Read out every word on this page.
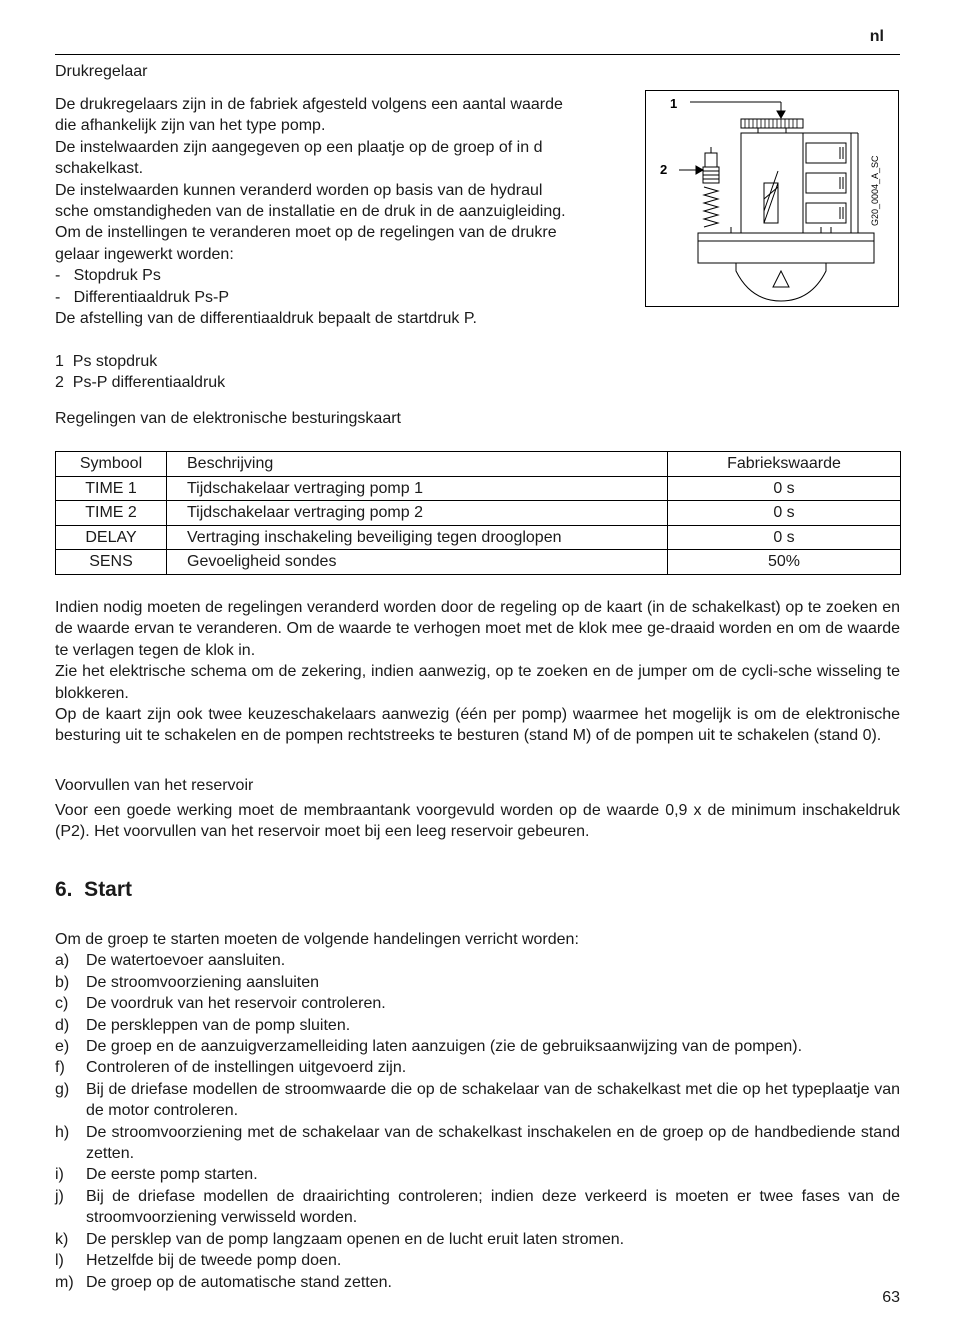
nl
Drukregelaar
De drukregelaars zijn in de fabriek afgesteld volgens een aantal waarde
die afhankelijk zijn van het type pomp.
De instelwaarden zijn aangegeven op een plaatje op de groep of in d
schakelkast.
De instelwaarden kunnen veranderd worden op basis van de hydraul
sche omstandigheden van de installatie en de druk in de aanzuigleiding.
Om de instellingen te veranderen moet op de regelingen van de drukre
gelaar ingewerkt worden:
-   Stopdruk Ps
-   Differentiaaldruk Ps-P
De afstelling van de differentiaaldruk bepaalt de startdruk P.
1  Ps stopdruk
2  Ps-P differentiaaldruk
1
2	G20_0004_A_SC
Regelingen van de elektronische besturingskaart
Symbool	Beschrijving	Fabriekswaarde
TIME 1	Tijdschakelaar vertraging pomp 1	0 s
TIME 2	Tijdschakelaar vertraging pomp 2	0 s
DELAY	Vertraging inschakeling beveiliging tegen drooglopen	0 s
SENS	Gevoeligheid sondes	50%
Indien nodig moeten de regelingen veranderd worden door de regeling op de kaart (in de schakelkast) op te zoeken en de waarde ervan te veranderen. Om de waarde te verhogen moet met de klok mee ge-draaid worden en om de waarde te verlagen tegen de klok in.
Zie het elektrische schema om de zekering, indien aanwezig, op te zoeken en de jumper om de cycli-sche wisseling te blokkeren.
Op de kaart zijn ook twee keuzeschakelaars aanwezig (één per pomp) waarmee het mogelijk is om de elektronische besturing uit te schakelen en de pompen rechtstreeks te besturen (stand M) of de pompen uit te schakelen (stand 0).
Voorvullen van het reservoir
Voor een goede werking moet de membraantank voorgevuld worden op de waarde 0,9 x de minimum inschakeldruk (P2). Het voorvullen van het reservoir moet bij een leeg reservoir gebeuren.
6.  Start
Om de groep te starten moeten de volgende handelingen verricht worden:
a)	De watertoevoer aansluiten.
b)	De stroomvoorziening aansluiten
c)	De voordruk van het reservoir controleren.
d)	De perskleppen van de pomp sluiten.
e)	De groep en de aanzuigverzamelleiding laten aanzuigen (zie de gebruiksaanwijzing van de pompen).
f)	Controleren of de instellingen uitgevoerd zijn.
g)	Bij de driefase modellen de stroomwaarde die op de schakelaar van de schakelkast met die op het typeplaatje van de motor controleren.
h)	De stroomvoorziening met de schakelaar van de schakelkast inschakelen en de groep op de handbediende stand zetten.
i)	De eerste pomp starten.
j)	Bij de driefase modellen de draairichting controleren; indien deze verkeerd is moeten er twee fases van de stroomvoorziening verwisseld worden.
k)	De persklep van de pomp langzaam openen en de lucht eruit laten stromen.
l)	Hetzelfde bij de tweede pomp doen.
m) De groep op de automatische stand zetten.
63
